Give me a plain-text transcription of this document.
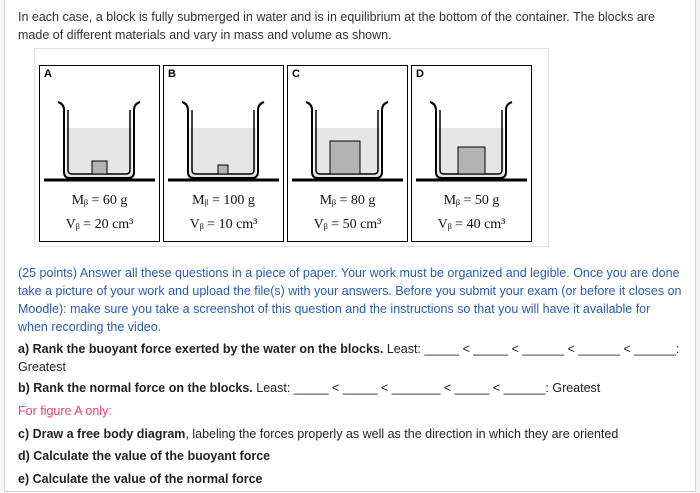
In each case, a block is fully submerged in water and is in equilibrium at the bottom of the container. The blocks are made of different materials and vary in mass and volume as shown.
A
Mᵦ = 60 g
Vᵦ = 20 cm³
B
Mᵦ = 100 g
Vᵦ = 10 cm³
C
Mᵦ = 80 g
Vᵦ = 50 cm³
D
Mᵦ = 50 g
Vᵦ = 40 cm³
(25 points) Answer all these questions in a piece of paper. Your work must be organized and legible. Once you are done take a picture of your work and upload the file(s) with your answers. Before you submit your exam (or before it closes on Moodle): make sure you take a screenshot of this question and the instructions so that you will have it available for when recording the video.
a) Rank the buoyant force exerted by the water on the blocks. Least: _____ < _____ < ______ < ______ < ______: Greatest
b) Rank the normal force on the blocks. Least: _____ < _____ < _______ < _____ < ______: Greatest
For figure A only:
c) Draw a free body diagram, labeling the forces properly as well as the direction in which they are oriented
d) Calculate the value of the buoyant force
e) Calculate the value of the normal force
